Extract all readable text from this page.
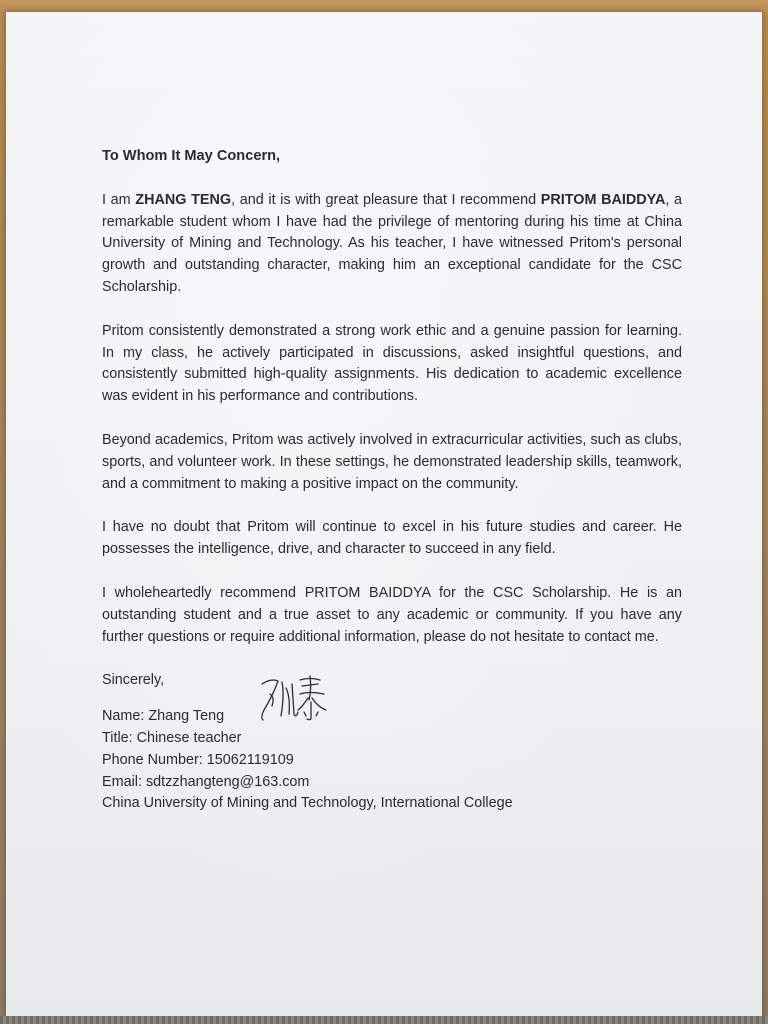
To Whom It May Concern,

I am ZHANG TENG, and it is with great pleasure that I recommend PRITOM BAIDDYA, a remarkable student whom I have had the privilege of mentoring during his time at China University of Mining and Technology. As his teacher, I have witnessed Pritom's personal growth and outstanding character, making him an exceptional candidate for the CSC Scholarship.

Pritom consistently demonstrated a strong work ethic and a genuine passion for learning. In my class, he actively participated in discussions, asked insightful questions, and consistently submitted high-quality assignments. His dedication to academic excellence was evident in his performance and contributions.

Beyond academics, Pritom was actively involved in extracurricular activities, such as clubs, sports, and volunteer work. In these settings, he demonstrated leadership skills, teamwork, and a commitment to making a positive impact on the community.

I have no doubt that Pritom will continue to excel in his future studies and career. He possesses the intelligence, drive, and character to succeed in any field.

I wholeheartedly recommend PRITOM BAIDDYA for the CSC Scholarship. He is an outstanding student and a true asset to any academic or community. If you have any further questions or require additional information, please do not hesitate to contact me.

Sincerely,
Name: Zhang Teng
Title: Chinese teacher
Phone Number: 15062119109
Email: sdtzzhangteng@163.com
China University of Mining and Technology, International College
